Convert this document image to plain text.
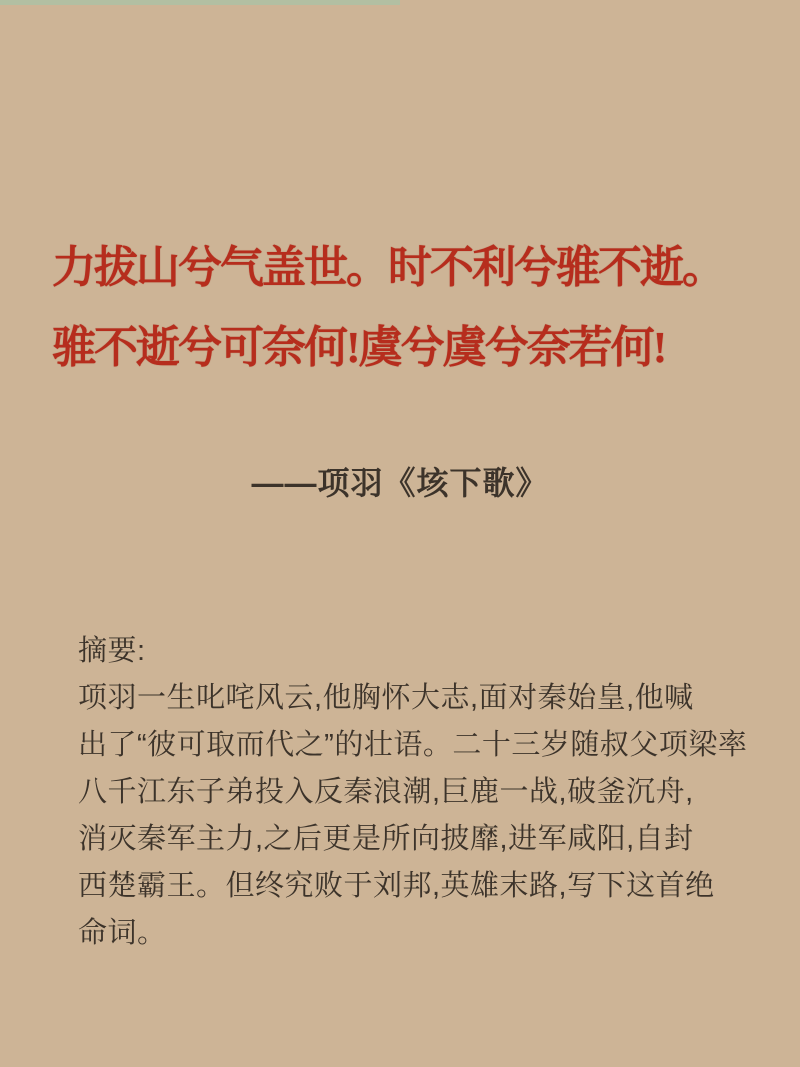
力拔山兮气盖世。时不利兮骓不逝。
骓不逝兮可奈何!虞兮虞兮奈若何!
——项羽《垓下歌》
摘要:
项羽一生叱咤风云,他胸怀大志,面对秦始皇,他喊
出了“彼可取而代之”的壮语。二十三岁随叔父项梁率
八千江东子弟投入反秦浪潮,巨鹿一战,破釜沉舟,
消灭秦军主力,之后更是所向披靡,进军咸阳,自封
西楚霸王。但终究败于刘邦,英雄末路,写下这首绝
命词。
